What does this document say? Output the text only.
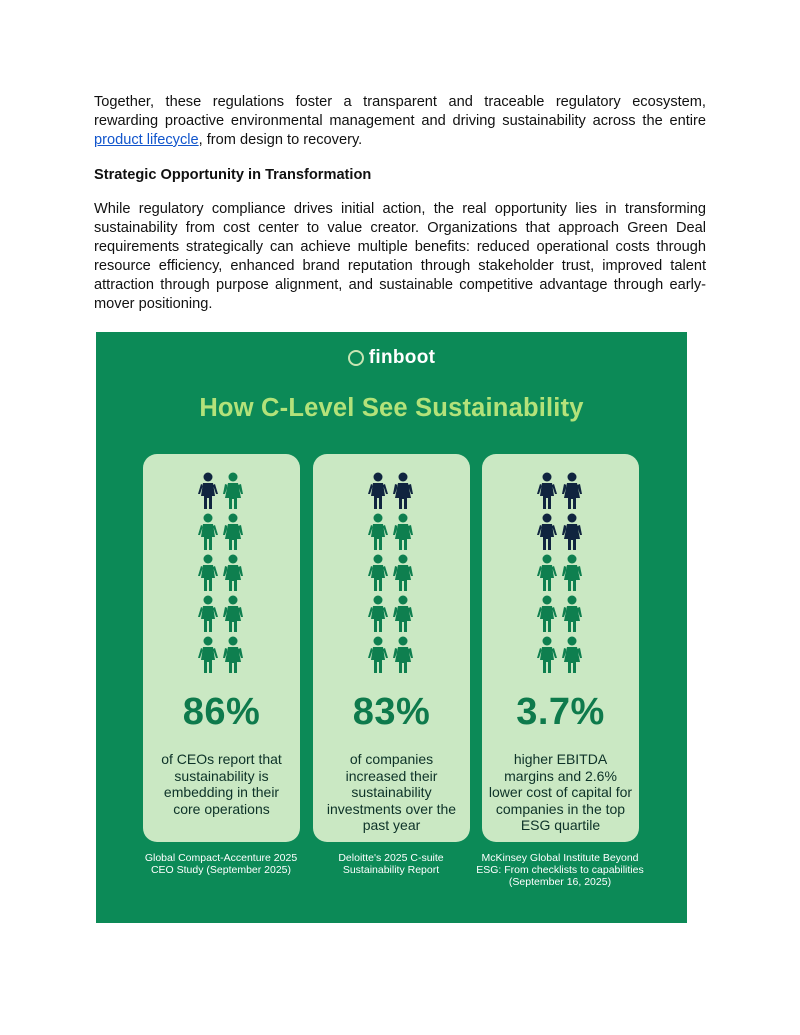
Together, these regulations foster a transparent and traceable regulatory ecosystem, rewarding proactive environmental management and driving sustainability across the entire product lifecycle, from design to recovery.
Strategic Opportunity in Transformation
While regulatory compliance drives initial action, the real opportunity lies in transforming sustainability from cost center to value creator. Organizations that approach Green Deal requirements strategically can achieve multiple benefits: reduced operational costs through resource efficiency, enhanced brand reputation through stakeholder trust, improved talent attraction through purpose alignment, and sustainable competitive advantage through early-mover positioning.
finboot
How C-Level See Sustainability
86%
of CEOs report that sustainability is embedding in their core operations
83%
of companies increased their sustainability investments over the past year
3.7%
higher EBITDA margins and 2.6% lower cost of capital for companies in the top ESG quartile
Global Compact-Accenture 2025 CEO Study (September 2025)
Deloitte's 2025 C-suite Sustainability Report
McKinsey Global Institute Beyond ESG: From checklists to capabilities (September 16, 2025)
